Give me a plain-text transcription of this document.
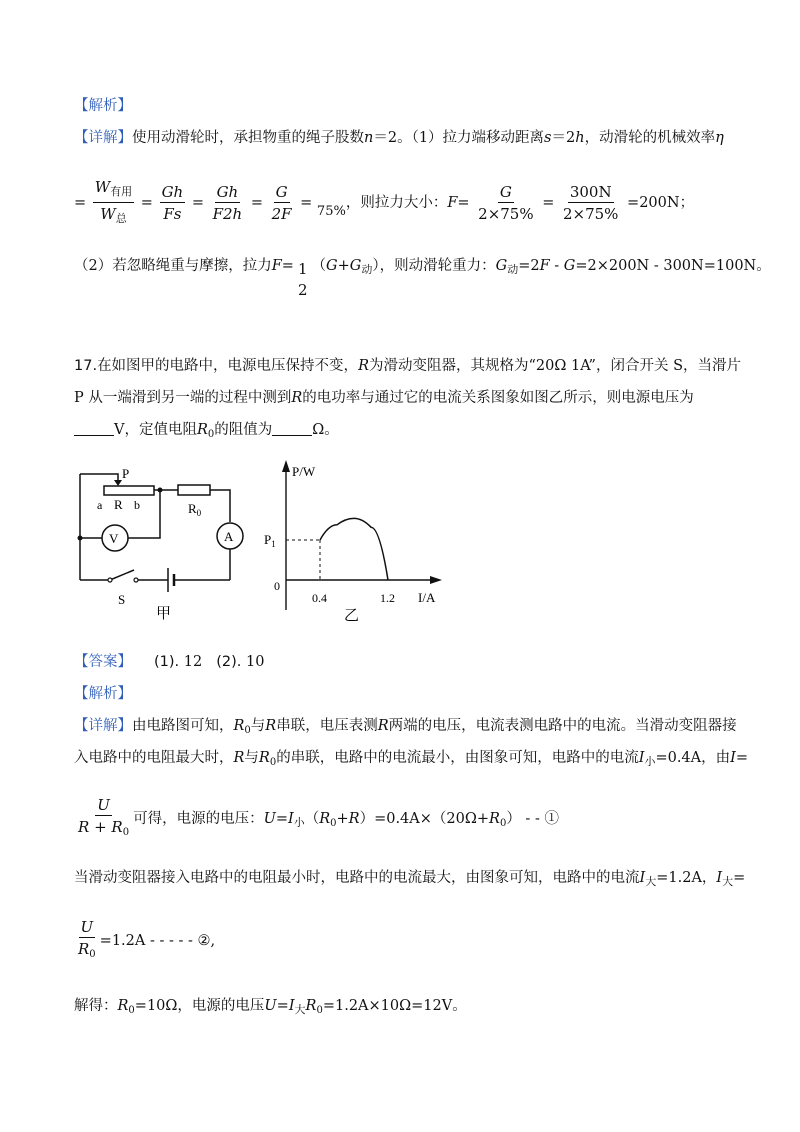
【解析】
【详解】使用动滑轮时，承担物重的绳子股数n＝2。（1）拉力端移动距离s＝2h，动滑轮的机械效率η
= $\frac{W_{有用}}{W_总} = \frac{Gh}{Fs} = \frac{Gh}{F2h} = \frac{G}{2F} = 75\%$，则拉力大小：$F= \frac{G}{2\times 75\%} = \frac{300N}{2\times 75\%} =200N$；
（2）若忽略绳重与摩擦，拉力F= 1
2
$(G+G_动)$，则动滑轮重力：$G_动=2F - G=2\times 200N - 300N=100N$。
17.在如图甲的电路中，电源电压保持不变，R为滑动变阻器，其规格为“20Ω 1A”，闭合开关 S，当滑片
P 从一端滑到另一端的过程中测到R的电功率与通过它的电流关系图象如图乙所示，则电源电压为
V，定值电阻$R_0$的阻值为	Ω。
P
a R b	$R_0$
V	A
S
甲
P/W
0
0.4	1.2
$P_1$
I/A
乙
【答案】 (1). 12 (2). 10
【解析】
【详解】由电路图可知，$R_0$与R串联，电压表测R两端的电压，电流表测电路中的电流。当滑动变阻器接
入电路中的电阻最大时，R与$R_0$的串联，电路中的电流最小，由图象可知，电路中的电流$I_小=0.4A$，由I=
$\frac{U}{R + R_0}$ 可得，电源的电压：$U=I_小(R_0+R)=0.4A\times(20\Omega+R_0)$ - - ①
当滑动变阻器接入电路中的电阻最小时，电路中的电流最大，由图象可知，电路中的电流$I_大=1.2A$，$I_大=$
$\frac{U}{R_0} =1.2A$ - - - - - ②,
解得：$R_0=10\Omega$，电源的电压$U=I_大R_0=1.2A\times 10\Omega=12V$。
